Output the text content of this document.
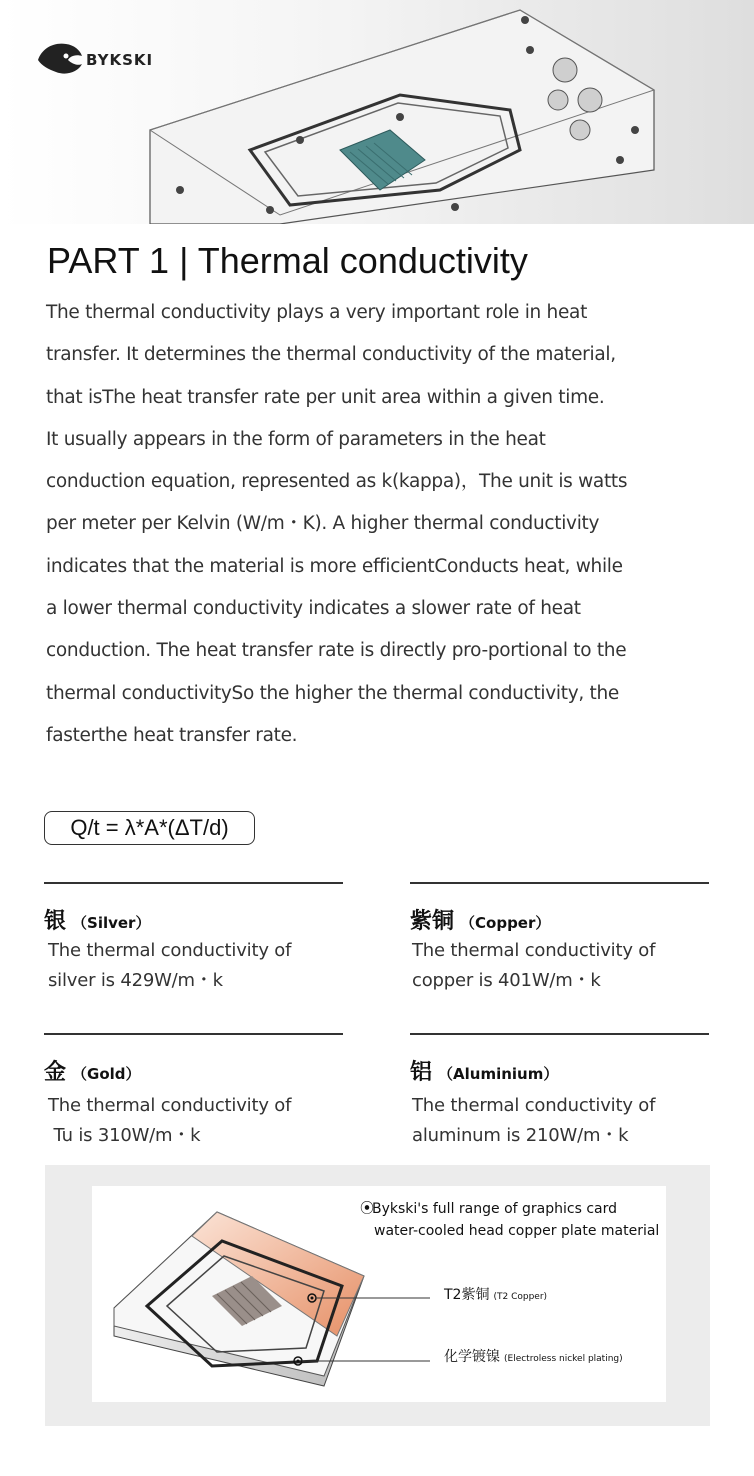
BYKSKI
PART 1 | Thermal conductivity
The thermal conductivity plays a very important role in heat
transfer. It determines the thermal conductivity of the material,
that isThe heat transfer rate per unit area within a given time.
It usually appears in the form of parameters in the heat
conduction equation, represented as k(kappa)，The unit is watts
per meter per Kelvin (W/m・K). A higher thermal conductivity
indicates that the material is more efficientConducts heat, while
a lower thermal conductivity indicates a slower rate of heat
conduction. The heat transfer rate is directly pro-portional to the
thermal conductivitySo the higher the thermal conductivity, the
fasterthe heat transfer rate.
Q/t = λ*A*(ΔT/d)
银 （Silver）
The thermal conductivity of
silver is 429W/m・k
紫铜 （Copper）
The thermal conductivity of
copper is 401W/m・k
金 （Gold）
The thermal conductivity of
Tu is 310W/m・k
铝 （Aluminium）
The thermal conductivity of
aluminum is 210W/m・k
⦿Bykski's full range of graphics card
water-cooled head copper plate material
T2紫铜 (T2 Copper)
化学镀镍 (Electroless nickel plating)
